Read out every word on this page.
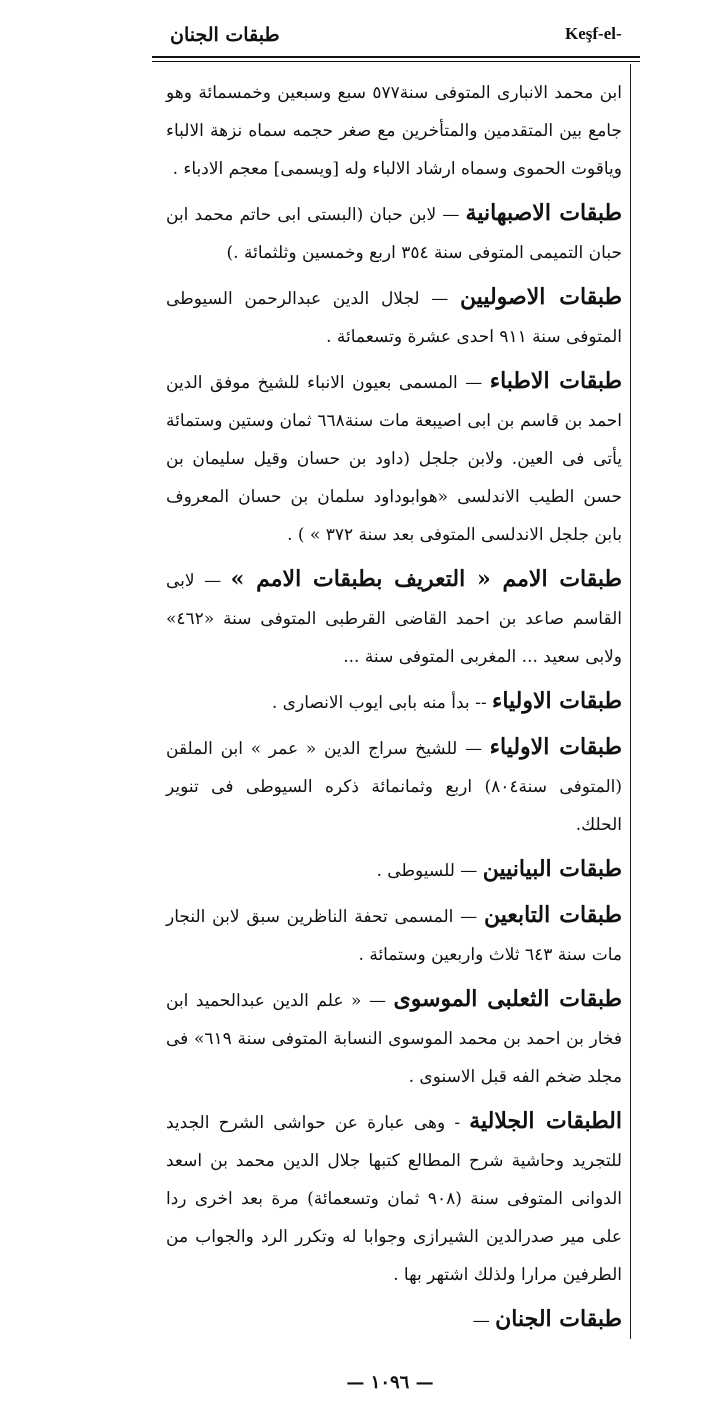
Keşf-el-
طبقات الجنان

ابن محمد الانبارى المتوفى سنة٥٧٧ سبع وسبعين وخمسمائة وهو جامع بين المتقدمين والمتأخرين مع صغر حجمه سماه نزهة الالباء وياقوت الحموى وسماه ارشاد الالباء وله [ويسمى] معجم الادباء .

طبقات الاصبهانية — لابن حبان (البستى ابى حاتم محمد ابن حبان التميمى المتوفى سنة ٣٥٤ اربع وخمسين وثلثمائة .)

طبقات الاصوليين — لجلال الدين عبدالرحمن السيوطى المتوفى سنة ٩١١ احدى عشرة وتسعمائة .

طبقات الاطباء — المسمى بعيون الانباء للشيخ موفق الدين احمد بن قاسم بن ابى اصيبعة مات سنة٦٦٨ ثمان وستين وستمائة يأتى فى العين. ولابن جلجل (داود بن حسان وقيل سليمان بن حسن الطيب الاندلسى «هوابوداود سلمان بن حسان المعروف بابن جلجل الاندلسى المتوفى بعد سنة ٣٧٢ » ) .

طبقات الامم « التعريف بطبقات الامم » — لابى القاسم صاعد بن احمد القاضى القرطبى المتوفى سنة «٤٦٢» ولابى سعيد ... المغربى المتوفى سنة ...

طبقات الاولياء -- بدأ منه بابى ايوب الانصارى .

طبقات الاولياء — للشيخ سراج الدين « عمر » ابن الملقن (المتوفى سنة٨٠٤) اربع وثمانمائة ذكره السيوطى فى تنوير الحلك.

طبقات البيانيين — للسيوطى .

طبقات التابعين — المسمى تحفة الناظرين سبق لابن النجار مات سنة ٦٤٣ ثلاث واربعين وستمائة .

طبقات الثعلبى الموسوى — « علم الدين عبدالحميد ابن فخار بن احمد بن محمد الموسوى النسابة المتوفى سنة ٦١٩» فى مجلد ضخم الفه قبل الاسنوى .

الطبقات الجلالية - وهى عبارة عن حواشى الشرح الجديد للتجريد وحاشية شرح المطالع كتبها جلال الدين محمد بن اسعد الدوانى المتوفى سنة (٩٠٨ ثمان وتسعمائة) مرة بعد اخرى ردا على مير صدرالدين الشيرازى وجوابا له وتكرر الرد والجواب من الطرفين مرارا ولذلك اشتهر بها .

طبقات الجنان —

— ١٠٩٦ —
